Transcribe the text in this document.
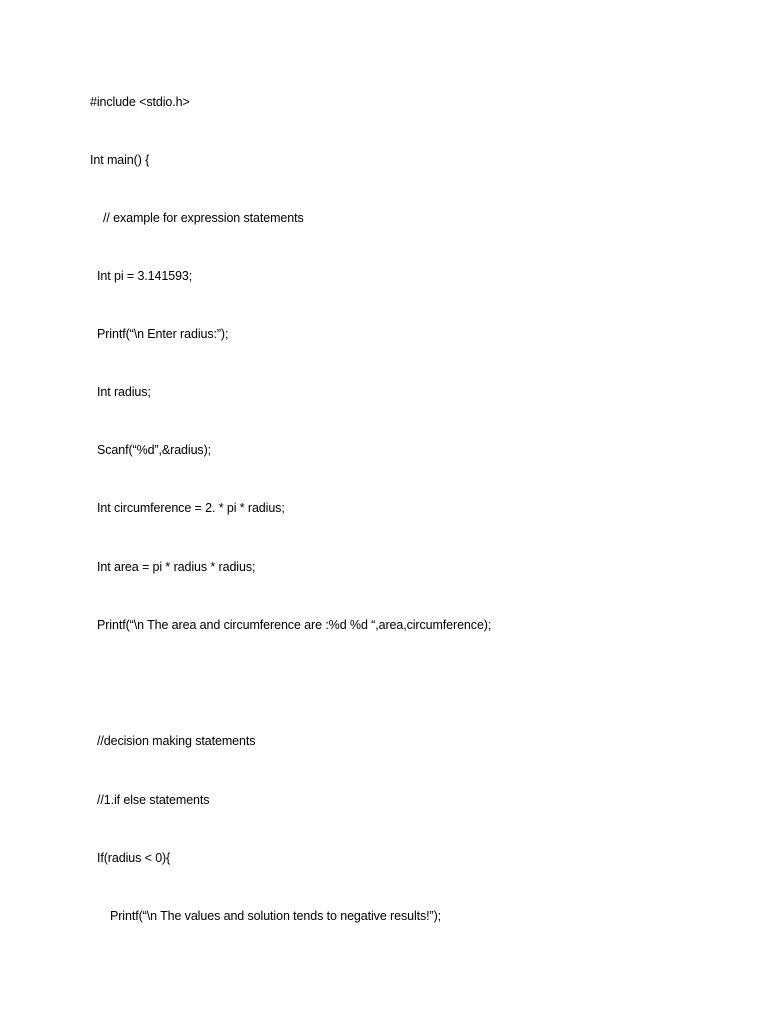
#include <stdio.h>
Int main() {
// example for expression statements
Int pi = 3.141593;
Printf(“\n Enter radius:”);
Int radius;
Scanf(“%d”,&radius);
Int circumference = 2. * pi * radius;
Int area = pi * radius * radius;
Printf(“\n The area and circumference are :%d %d “,area,circumference);
//decision making statements
//1.if else statements
If(radius < 0){
Printf(“\n The values and solution tends to negative results!”);
